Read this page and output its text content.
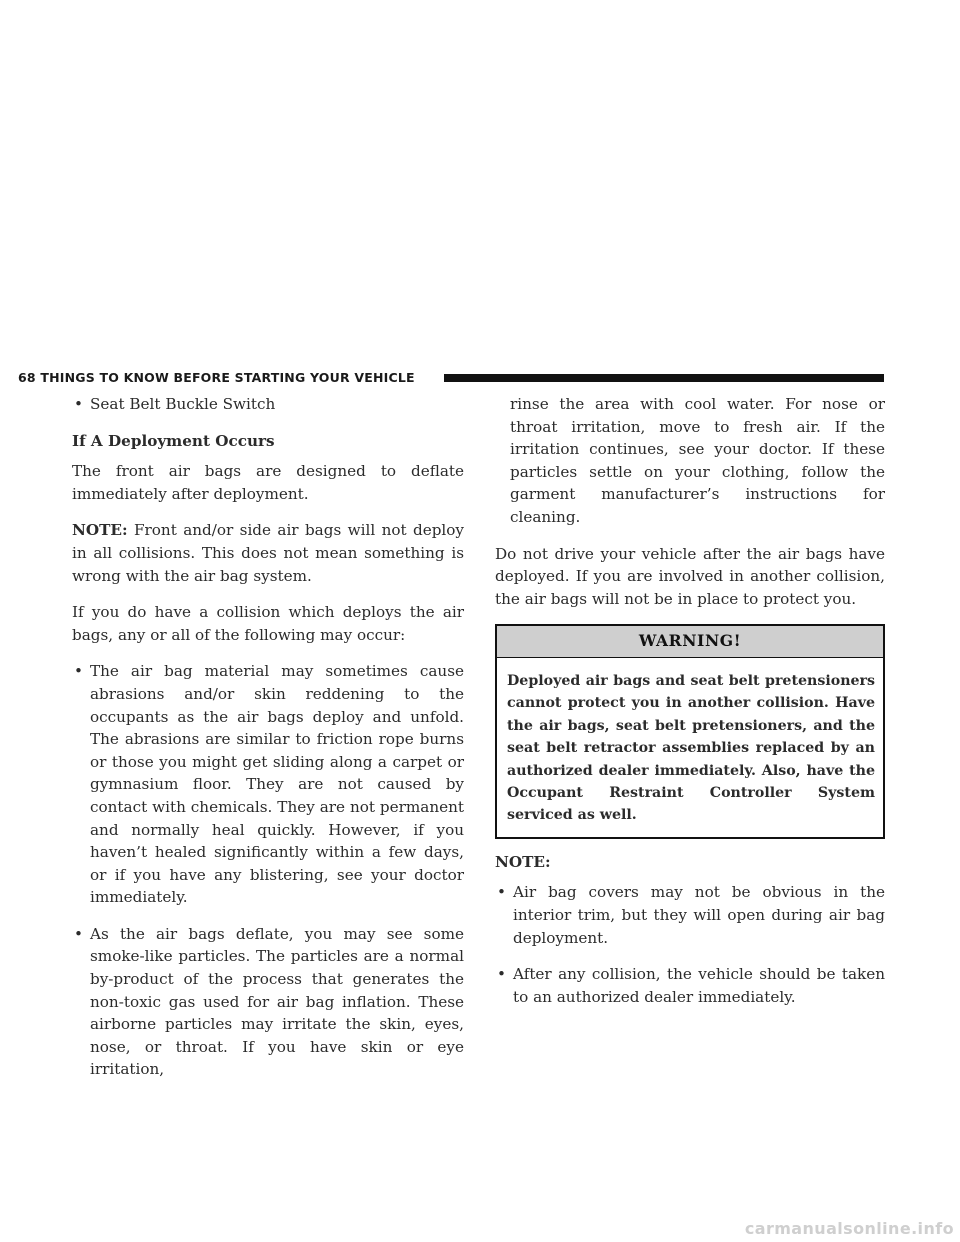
68 THINGS TO KNOW BEFORE STARTING YOUR VEHICLE
• Seat Belt Buckle Switch

If A Deployment Occurs

The front air bags are designed to deflate immediately after deployment.

NOTE: Front and/or side air bags will not deploy in all collisions. This does not mean something is wrong with the air bag system.

If you do have a collision which deploys the air bags, any or all of the following may occur:

• The air bag material may sometimes cause abrasions and/or skin reddening to the occupants as the air bags deploy and unfold. The abrasions are similar to friction rope burns or those you might get sliding along a carpet or gymnasium floor. They are not caused by contact with chemicals. They are not permanent and normally heal quickly. However, if you haven’t healed significantly within a few days, or if you have any blistering, see your doctor immediately.
• As the air bags deflate, you may see some smoke-like particles. The particles are a normal by-product of the process that generates the non-toxic gas used for air bag inflation. These airborne particles may irritate the skin, eyes, nose, or throat. If you have skin or eye irritation,

rinse the area with cool water. For nose or throat irritation, move to fresh air. If the irritation continues, see your doctor. If these particles settle on your clothing, follow the garment manufacturer’s instructions for cleaning.

Do not drive your vehicle after the air bags have deployed. If you are involved in another collision, the air bags will not be in place to protect you.

WARNING!
Deployed air bags and seat belt pretensioners cannot protect you in another collision. Have the air bags, seat belt pretensioners, and the seat belt retractor assemblies replaced by an authorized dealer immediately. Also, have the Occupant Restraint Controller System serviced as well.

NOTE:

• Air bag covers may not be obvious in the interior trim, but they will open during air bag deployment.
• After any collision, the vehicle should be taken to an authorized dealer immediately.
carmanualsonline.info
